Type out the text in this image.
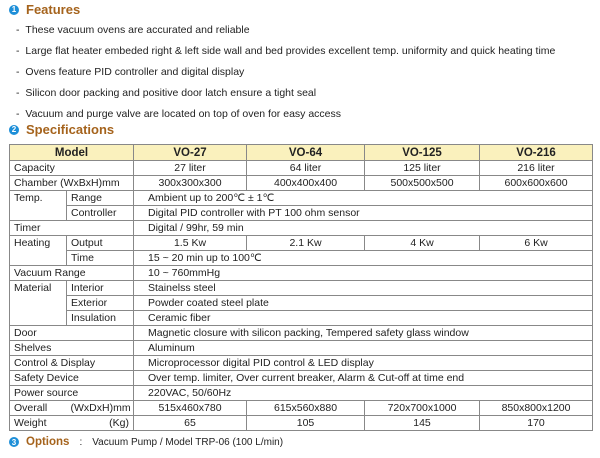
1 Features
- These vacuum ovens are accurated and reliable
- Large flat heater embeded right & left side wall and bed provides excellent temp. uniformity and quick heating time
- Ovens feature PID controller and digital display
- Silicon door packing and positive door latch ensure a tight seal
- Vacuum and purge valve are located on top of oven for easy access
2 Specifications
Model		VO-27	VO-64	VO-125	VO-216
Capacity		27 liter	64 liter	125 liter	216 liter
Chamber (WxBxH)mm		300x300x300	400x400x400	500x500x500	600x600x600
Temp.	Range	Ambient up to 200℃ ± 1℃			
	Controller	Digital PID controller with PT 100 ohm sensor			
Timer		Digital / 99hr, 59 min			
Heating	Output	1.5 Kw	2.1 Kw	4 Kw	6 Kw
	Time	15 ~ 20 min up to 100℃			
Vacuum Range		10 ~ 760mmHg			
Material	Interior	Stainelss steel			
	Exterior	Powder coated steel plate			
	Insulation	Ceramic fiber			
Door		Magnetic closure with silicon packing, Tempered safety glass window			
Shelves		Aluminum			
Control & Display		Microprocessor digital PID control & LED display			
Safety Device		Over temp. limiter, Over current breaker, Alarm & Cut-off at time end			
Power source		220VAC, 50/60Hz			
Overall	(WxDxH)mm	515x460x780	615x560x880	720x700x1000	850x800x1200
Weight	(Kg)	65	105	145	170
3 Options : Vacuum Pump / Model TRP-06 (100 L/min)
